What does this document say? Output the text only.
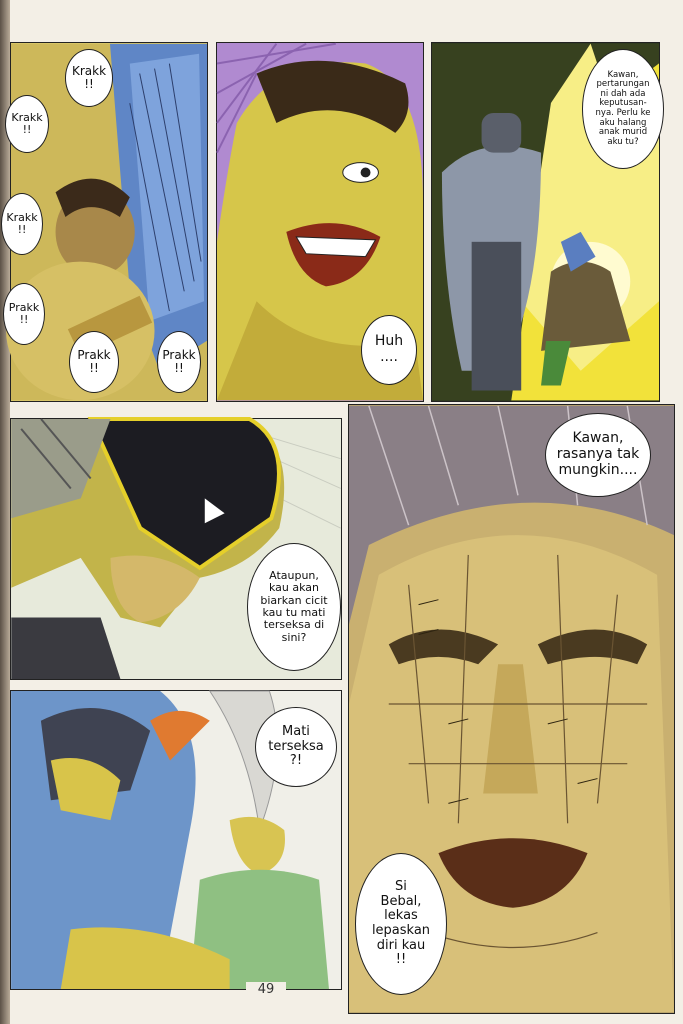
Krakk
!!
Krakk
!!
Krakk
!!
Prakk
!!
Prakk
!!
Prakk
!!
Huh
....
Kawan,
pertarungan
ni dah ada
keputusan-
nya. Perlu ke
aku halang
anak murid
aku tu?
Ataupun,
kau akan
biarkan cicit
kau tu mati
terseksa di
sini?
Kawan,
rasanya tak
mungkin....
Si
Bebal,
lekas
lepaskan
diri kau
!!
Mati
terseksa
?!
49
